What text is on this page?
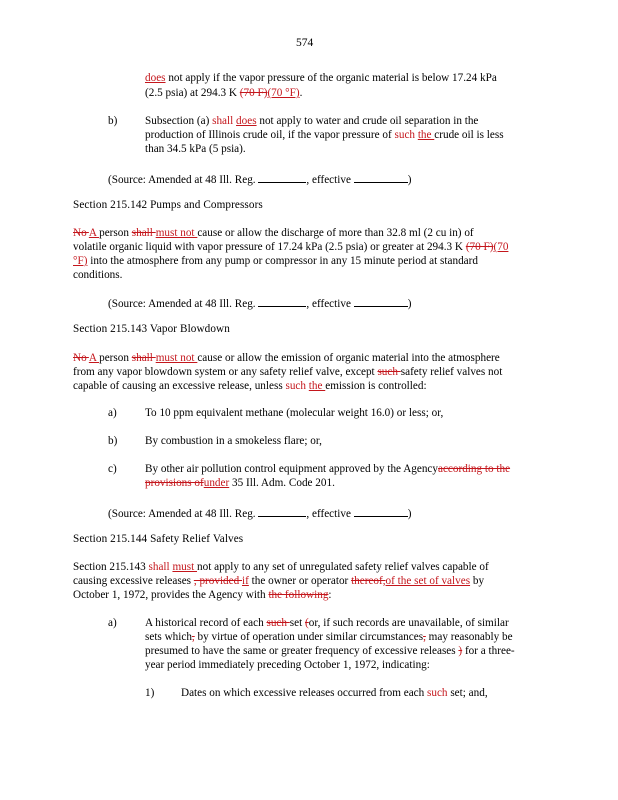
574
does not apply if the vapor pressure of the organic material is below 17.24 kPa
(2.5 psia) at 294.3 K (70 F)(70 °F).
b) Subsection (a) shall does not apply to water and crude oil separation in the
production of Illinois crude oil, if the vapor pressure of such the crude oil is less
than 34.5 kPa (5 psia).
(Source: Amended at 48 Ill. Reg.	, effective	)
Section 215.142 Pumps and Compressors
No A person shall must not cause or allow the discharge of more than 32.8 ml (2 cu in) of
volatile organic liquid with vapor pressure of 17.24 kPa (2.5 psia) or greater at 294.3 K (70 F)(70
°F) into the atmosphere from any pump or compressor in any 15 minute period at standard
conditions.
(Source: Amended at 48 Ill. Reg.	, effective	)
Section 215.143 Vapor Blowdown
No A person shall must not cause or allow the emission of organic material into the atmosphere
from any vapor blowdown system or any safety relief valve, except such safety relief valves not
capable of causing an excessive release, unless such the emission is controlled:
a)	To 10 ppm equivalent methane (molecular weight 16.0) or less; or,
b) By combustion in a smokeless flare; or,
c)	By other air pollution control equipment approved by the Agencyaccording to the
provisions ofunder 35 Ill. Adm. Code 201.
(Source: Amended at 48 Ill. Reg.	, effective	)
Section 215.144 Safety Relief Valves
Section 215.143 shall must not apply to any set of unregulated safety relief valves capable of
causing excessive releases , provided if the owner or operator thereof,of the set of valves by
October 1, 1972, provides the Agency with the following:
a)	A historical record of each such set (or, if such records are unavailable, of similar
sets which, by virtue of operation under similar circumstances, may reasonably be
presumed to have the same or greater frequency of excessive releases ) for a three-
year period immediately preceding October 1, 1972, indicating:
1) Dates on which excessive releases occurred from each such set; and,
